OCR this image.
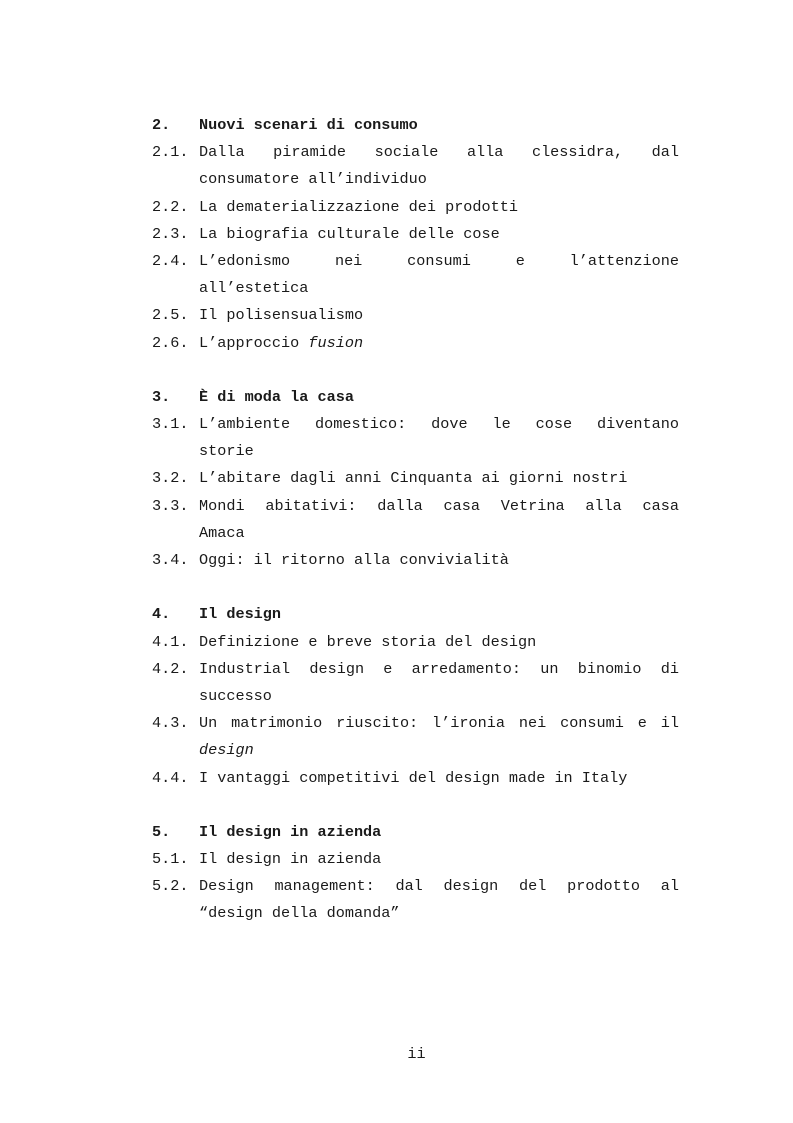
2. Nuovi scenari di consumo
2.1. Dalla piramide sociale alla clessidra, dal
consumatore all’individuo
2.2. La dematerializzazione dei prodotti
2.3. La biografia culturale delle cose
2.4. L’edonismo nei consumi e l’attenzione
all’estetica
2.5. Il polisensualismo
2.6. L’approccio fusion
3. È di moda la casa
3.1. L’ambiente domestico: dove le cose diventano
storie
3.2. L’abitare dagli anni Cinquanta ai giorni nostri
3.3. Mondi abitativi: dalla casa Vetrina alla casa
Amaca
3.4. Oggi: il ritorno alla convivialità
4. Il design
4.1. Definizione e breve storia del design
4.2. Industrial design e arredamento: un binomio di
successo
4.3. Un matrimonio riuscito: l’ironia nei consumi e il
design
4.4. I vantaggi competitivi del design made in Italy
5. Il design in azienda
5.1. Il design in azienda
5.2. Design management: dal design del prodotto al
“design della domanda”
ii
